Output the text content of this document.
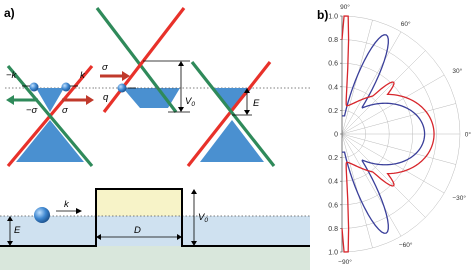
a)	b)
−k	k
−σ	σ
σ
q	$V_0$	E
k
E	D
$V_0$
1.0
0.8
0.6
0.4
0.2
0
0.2
0.4
0.6
0.8
1.0
90°
60°
30°
0°
−30°
−60°
−90°
